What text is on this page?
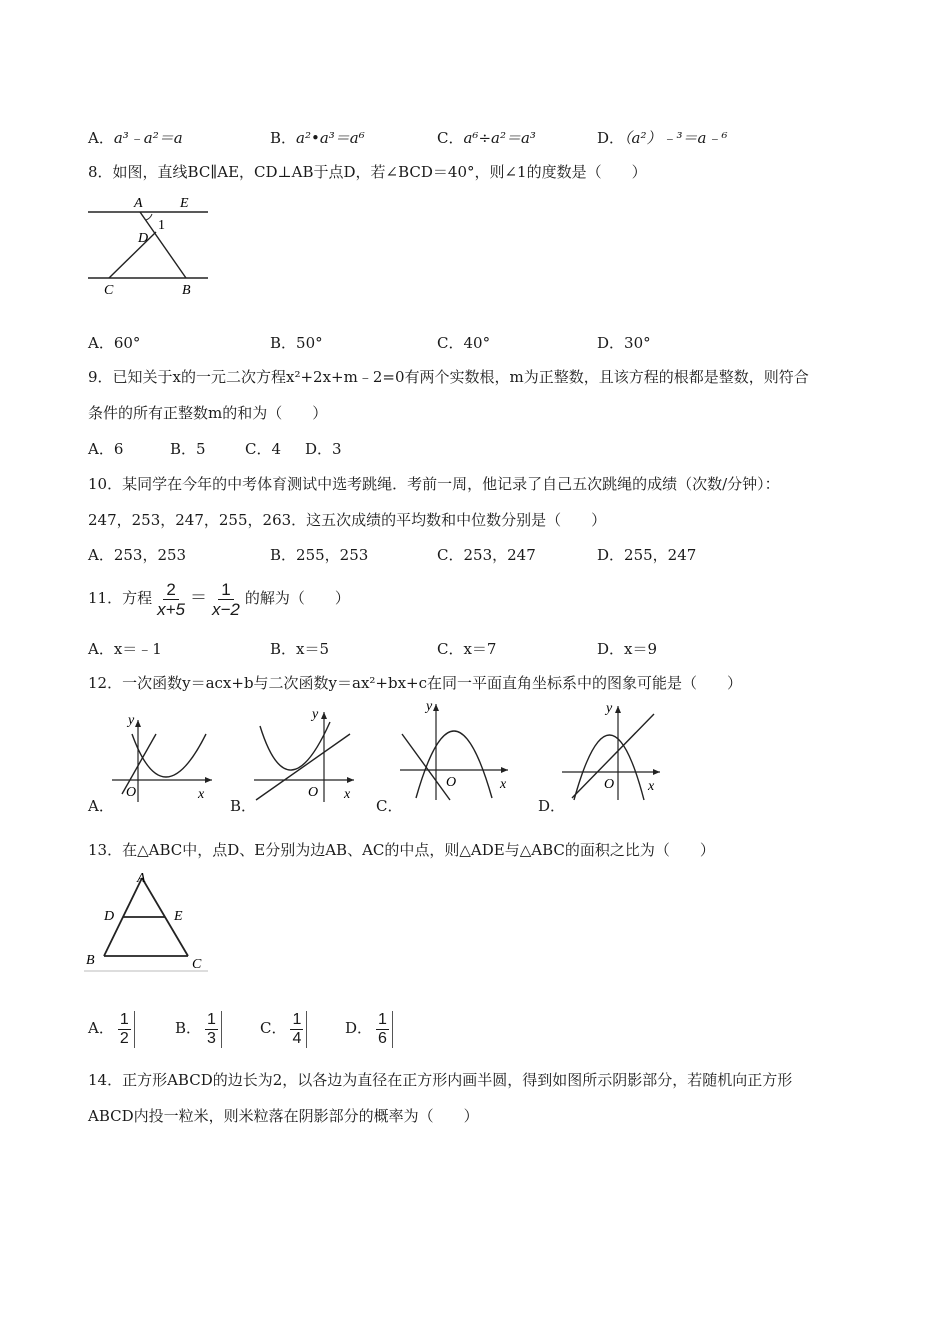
A．a³﹣a²＝a	B．a²•a³＝a⁶	C．a⁶÷a²＝a³	D．（a²）﹣³＝a﹣⁶
8．如图，直线BC∥AE，CD⊥AB于点D，若∠BCD＝40°，则∠1的度数是（　　）
A	E
1
D
C	B
A．60°	B．50°	C．40°	D．30°
9．已知关于x的一元二次方程x²+2x+m﹣2=0有两个实数根，m为正整数，且该方程的根都是整数，则符合
条件的所有正整数m的和为（　　）
A．6	B．5	C．4 D．3
10．某同学在今年的中考体育测试中选考跳绳．考前一周，他记录了自己五次跳绳的成绩（次数/分钟）：
247，253，247，255，263．这五次成绩的平均数和中位数分别是（　　）
A．253，253	B．255，253	C．253，247	D．255，247
11．方程 $\frac{2}{x+5} = \frac{1}{x-2}$ 的解为（　　）
A．x＝﹣1	B．x＝5	C．x＝7	D．x＝9
12．一次函数y＝acx+b与二次函数y＝ax²+bx+c在同一平面直角坐标系中的图象可能是（　　）
A．
y
x
O
B．
y
x
O
C．
y
x
O
D．
y
x
O
13．在△ABC中，点D、E分别为边AB、AC的中点，则△ADE与△ABC的面积之比为（　　）
A
D	E
B	C
A． $\frac{1}{2}$	B． $\frac{1}{3}$	C． $\frac{1}{4}$	D． $\frac{1}{6}$
14．正方形ABCD的边长为2，以各边为直径在正方形内画半圆，得到如图所示阴影部分，若随机向正方形
ABCD内投一粒米，则米粒落在阴影部分的概率为（　　）
